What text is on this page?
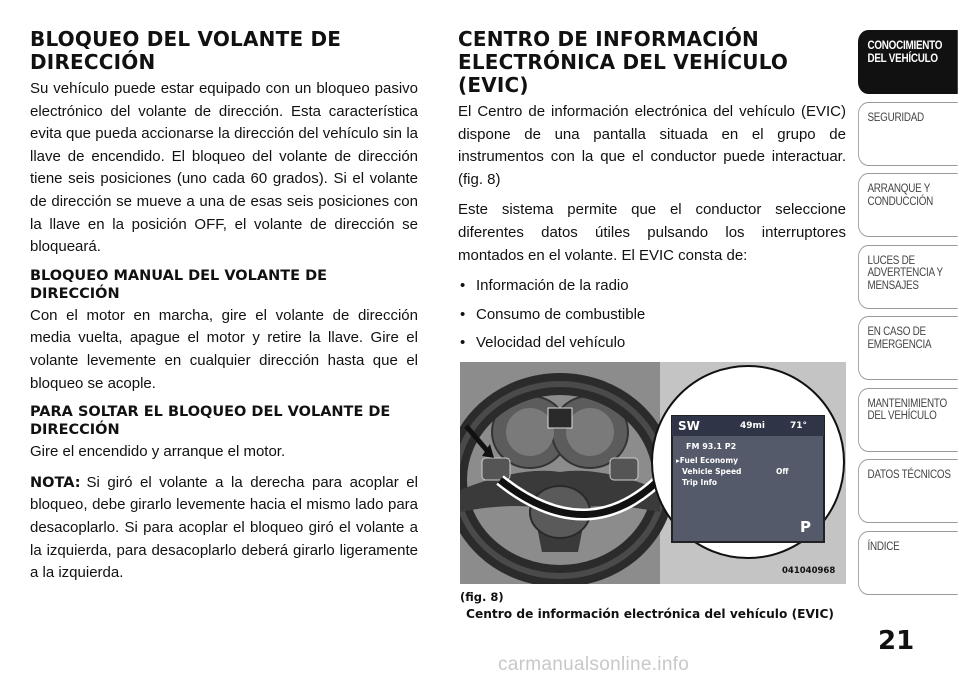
BLOQUEO DEL VOLANTE DE DIRECCIÓN

Su vehículo puede estar equipado con un bloqueo pasivo electrónico del volante de dirección. Esta característica evita que pueda accionarse la dirección del vehículo sin la llave de encendido. El bloqueo del volante de dirección tiene seis posiciones (uno cada 60 grados). Si el volante de dirección se mueve a una de esas seis posiciones con la llave en la posición OFF, el volante de dirección se bloqueará.

BLOQUEO MANUAL DEL VOLANTE DE DIRECCIÓN

Con el motor en marcha, gire el volante de dirección media vuelta, apague el motor y retire la llave. Gire el volante levemente en cualquier dirección hasta que el bloqueo se acople.

PARA SOLTAR EL BLOQUEO DEL VOLANTE DE DIRECCIÓN

Gire el encendido y arranque el motor.

NOTA: Si giró el volante a la derecha para acoplar el bloqueo, debe girarlo levemente hacia el mismo lado para desacoplarlo. Si para acoplar el bloqueo giró el volante a la izquierda, para desacoplarlo deberá girarlo ligeramente a la izquierda.

CENTRO DE INFORMACIÓN ELECTRÓNICA DEL VEHÍCULO (EVIC)

El Centro de información electrónica del vehículo (EVIC) dispone de una pantalla situada en el grupo de instrumentos con la que el conductor puede interactuar. (fig. 8)

Este sistema permite que el conductor seleccione diferentes datos útiles pulsando los interruptores montados en el volante. El EVIC consta de:

• Información de la radio
• Consumo de combustible
• Velocidad del vehículo
•
SW	49mi	71°
FM 93.1 P2
▸Fuel Economy
Vehicle Speed	Off
Trip Info
P
041040968
(fig. 8)
Centro de información electrónica del vehículo (EVIC)
CONOCIMIENTO DEL VEHÍCULO
SEGURIDAD
ARRANQUE Y CONDUCCIÓN
LUCES DE ADVERTENCIA Y MENSAJES
EN CASO DE EMERGENCIA
MANTENIMIENTO DEL VEHÍCULO
DATOS TÉCNICOS
ÍNDICE
21
carmanualsonline.info
